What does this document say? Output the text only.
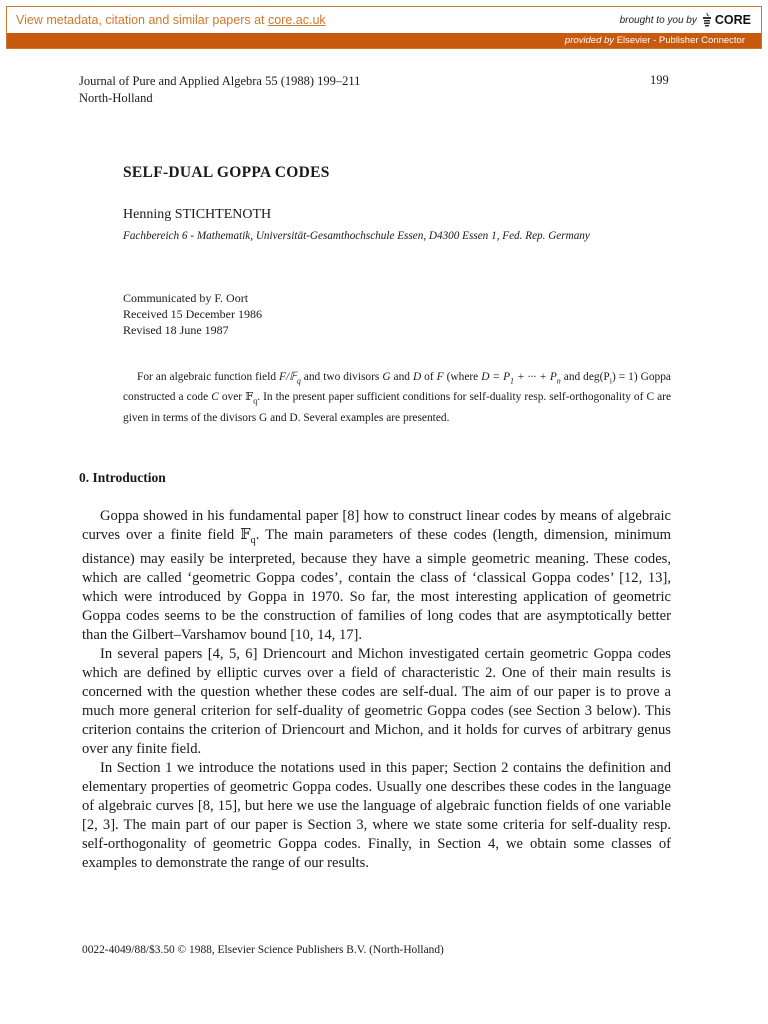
View metadata, citation and similar papers at core.ac.uk	brought to you by CORE
provided by Elsevier - Publisher Connector
Journal of Pure and Applied Algebra 55 (1988) 199–211
North-Holland
199
SELF-DUAL GOPPA CODES
Henning STICHTENOTH
Fachbereich 6 - Mathematik, Universität-Gesamthochschule Essen, D4300 Essen 1, Fed. Rep. Germany
Communicated by F. Oort
Received 15 December 1986
Revised 18 June 1987
For an algebraic function field F/𝔽$_q$ and two divisors G and D of F (where $D = P_1$ + ··· + $P_n$ and $deg(P_i) = 1$) Goppa constructed a code C over 𝔽$_q$. In the present paper sufficient conditions for self-duality resp. self-orthogonality of C are given in terms of the divisors G and D. Several examples are presented.
0. Introduction

Goppa showed in his fundamental paper [8] how to construct linear codes by means of algebraic curves over a finite field 𝔽$_q$. The main parameters of these codes (length, dimension, minimum distance) may easily be interpreted, because they have a simple geometric meaning. These codes, which are called ‘geometric Goppa codes’, contain the class of ‘classical Goppa codes’ [12, 13], which were introduced by Goppa in 1970. So far, the most interesting application of geometric Goppa codes seems to be the construction of families of long codes that are asymptotically better than the Gilbert–Varshamov bound [10, 14, 17].

In several papers [4, 5, 6] Driencourt and Michon investigated certain geometric Goppa codes which are defined by elliptic curves over a field of characteristic 2. One of their main results is concerned with the question whether these codes are self-dual. The aim of our paper is to prove a much more general criterion for self-duality of geometric Goppa codes (see Section 3 below). This criterion contains the criterion of Driencourt and Michon, and it holds for curves of arbitrary genus over any finite field.

In Section 1 we introduce the notations used in this paper; Section 2 contains the definition and elementary properties of geometric Goppa codes. Usually one describes these codes in the language of algebraic curves [8, 15], but here we use the language of algebraic function fields of one variable [2, 3]. The main part of our paper is Section 3, where we state some criteria for self-duality resp. self-orthogonality of geometric Goppa codes. Finally, in Section 4, we obtain some classes of examples to demonstrate the range of our results.

0022-4049/88/$3.50 © 1988, Elsevier Science Publishers B.V. (North-Holland)
